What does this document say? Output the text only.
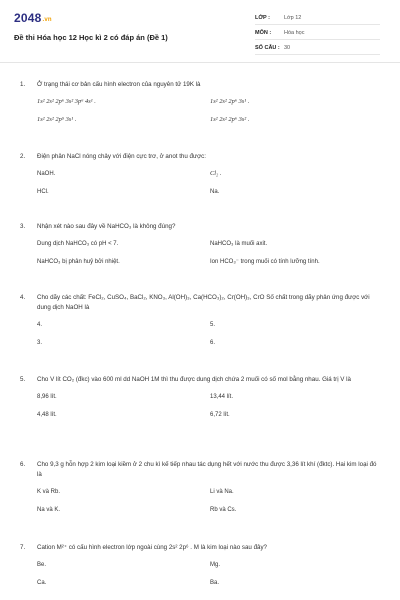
2048.vn
Đề thi Hóa học 12 Học kì 2 có đáp án (Đề 1)
LỚP :	Lớp 12
MÔN :	Hóa học
SỐ CÂU : 30
1.	Ở trạng thái cơ bản cấu hình electron của nguyên tử 19K là
1s² 2s² 2p⁶ 3s² 3p⁶ 4s¹ .	1s² 2s² 2p⁶ 3s¹ .
1s² 2s² 2p⁵ 3s¹ .	1s² 2s² 2p⁶ 3s² .
2.	Điện phân NaCl nóng chảy với điện cực trơ, ở anot thu được:
NaOH.	Cl₂ .
HCl.	Na.
3.	Nhận xét nào sau đây về NaHCO₃ là không đúng?
Dung dịch NaHCO₃ có pH < 7.	NaHCO₃ là muối axit.
NaHCO₃ bị phân huỷ bởi nhiệt.	Ion HCO₃⁻ trong muối có tính lưỡng tính.
4.	Cho dãy các chất: FeCl₂, CuSO₄, BaCl₂, KNO₃, Al(OH)₃, Ca(HCO₃)₂, Cr(OH)₃, CrO Số chất trong dãy phản ứng được với dung dịch NaOH là
4.	5.
3.	6.
5.	Cho V lít CO₂ (đkc) vào 600 ml dd NaOH 1M thì thu được dung dịch chứa 2 muối có số mol bằng nhau. Giá trị V là
8,96 lít.	13,44 lít.
4,48 lít.	6,72 lít.
6.	Cho 9,3 g hỗn hợp 2 kim loại kiềm ở 2 chu kì kế tiếp nhau tác dụng hết với nước thu được 3,36 lít khí (đktc). Hai kim loại đó là
K và Rb.	Li và Na.
Na và K.	Rb và Cs.
7.	Cation M²⁺ có cấu hình electron lớp ngoài cùng 2s² 2p⁶ . M là kim loại nào sau đây?
Be.	Mg.
Ca.	Ba.
